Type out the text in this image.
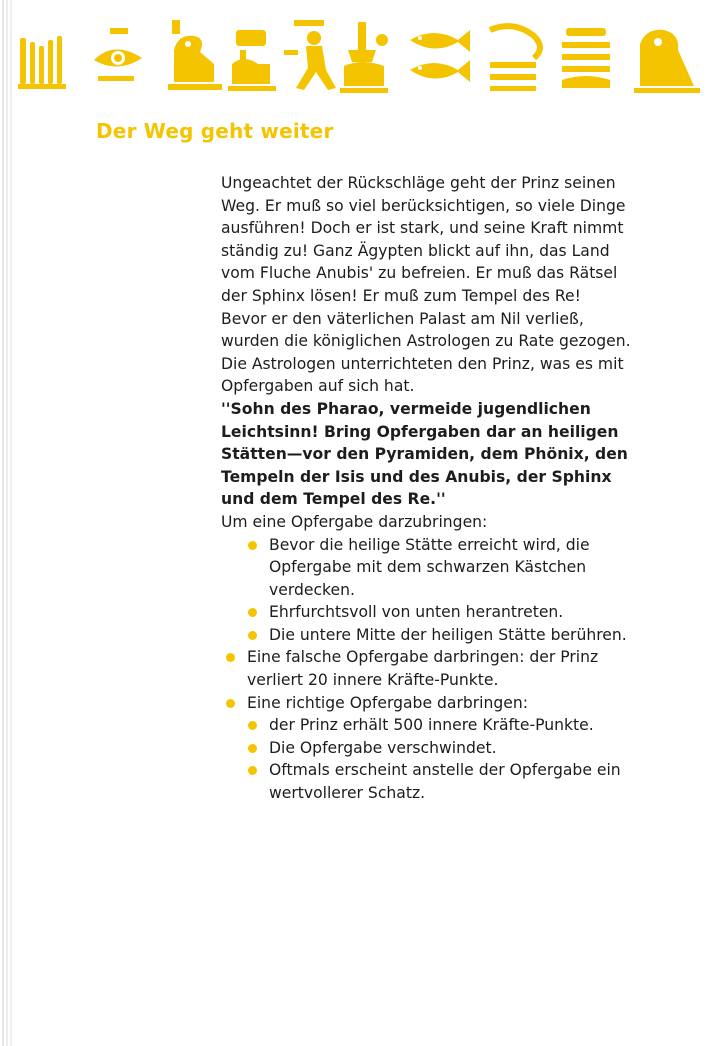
Der Weg geht weiter

Ungeachtet der Rückschläge geht der Prinz seinen Weg. Er muß so viel berücksichtigen, so viele Dinge ausführen! Doch er ist stark, und seine Kraft nimmt ständig zu! Ganz Ägypten blickt auf ihn, das Land vom Fluche Anubis' zu befreien. Er muß das Rätsel der Sphinx lösen! Er muß zum Tempel des Re!

Bevor er den väterlichen Palast am Nil verließ, wurden die königlichen Astrologen zu Rate gezogen.

Die Astrologen unterrichteten den Prinz, was es mit Opfergaben auf sich hat.

''Sohn des Pharao, vermeide jugendlichen Leichtsinn! Bring Opfergaben dar an heiligen Stätten—vor den Pyramiden, dem Phönix, den Tempeln der Isis und des Anubis, der Sphinx und dem Tempel des Re.''

Um eine Opfergabe darzubringen:

Bevor die heilige Stätte erreicht wird, die Opfergabe mit dem schwarzen Kästchen verdecken.
Ehrfurchtsvoll von unten herantreten.
Die untere Mitte der heiligen Stätte berühren.
Eine falsche Opfergabe darbringen: der Prinz verliert 20 innere Kräfte-Punkte.
Eine richtige Opfergabe darbringen:
der Prinz erhält 500 innere Kräfte-Punkte.
Die Opfergabe verschwindet.
Oftmals erscheint anstelle der Opfergabe ein wertvollerer Schatz.
